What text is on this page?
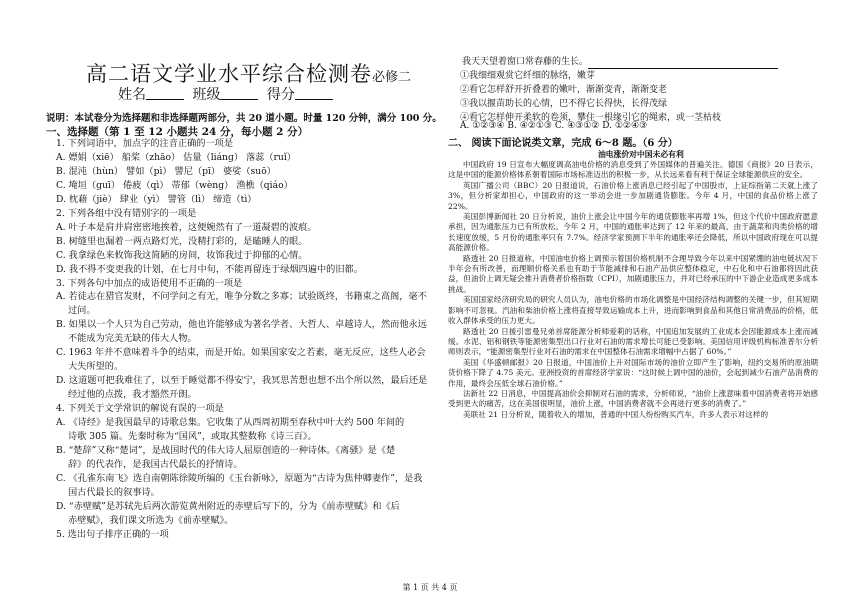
高二语文学业水平综合检测卷必修二
姓名	班级	得分
说明：本试卷分为选择题和非选择题两部分，共 20 道小题。时量 120 分钟，满分 100 分。
一、选择题（第 1 至 12 小题共 24 分，每小题 2 分）
1. 下列词语中，加点字的注音正确的一项是
A. 嫖娟（xiē） 船桨（zhāo） 估量（liáng） 落蕊（ruǐ）
B. 混沌（hùn） 譬如（pì） 譬尼（pī） 婆娑（suō）
C. 埯垣（guī） 倦疲（qì） 蒂郁（wèng） 渔樵（qiáo）
D. 枕藉（jiè） 肆业（yì） 譬管（lì） 缔造（tì）
2. 下列各组中没有错别字的一项是
A. 叶子本是肩并肩密密地挨着，这便婉然有了一道凝碧的波痕。
B. 树缝里也漏着一两点路灯光，没精打彩的，是瞌睡人的眼。
C. 我拿绿色来攸饰我这简陋的房间，妆饰我过于抑郁的心情。
D. 我不得不变更我的计划，在七月中旬，不能再留连于绿烟四遍中的旧都。
3. 下列各句中加点的成语使用不正确的一项是
A. 若徒志在猎官发财，不问学问之有无，唯争分数之多寡；试验既终，书籍束之高阁，毫不
过问。
B. 如果以一个人只为自己劳动，他也许能够成为著名学者、大哲人、卓越诗人，然而他永远
不能成为完美无缺的伟大人物。
C. 1963 年并不意味着斗争的结束，而是开始。如果国家安之若素，毫无反应，这些人必会
大失所望的。
D. 这道题可把我难住了，以至于睡觉都不得安宁，我冥思苦想也想不出个所以然，最后还是
经过他的点拨，我才豁然开朗。
4. 下列关于文学常识的解说有误的一项是
A. 《诗经》是我国最早的诗歌总集。它收集了从西周初期至春秋中叶大约 500 年间的
诗歌 305 篇。先秦时称为“国风”，或取其整数称《诗三百》。
B. “楚辞”又称“楚词”，是战国时代的伟大诗人屈原创造的一种诗体。《离骚》是《楚
辞》的代表作，是我国古代最长的抒情诗。
C. 《孔雀东南飞》选自南朝陈徐陵所编的《玉台新咏》，原题为“古诗为焦仲卿妻作”，是我
国古代最长的叙事诗。
D. “赤壁赋”是苏轼先后两次游览黄州附近的赤壁后写下的，分为《前赤壁赋》和《后
赤壁赋》，我们课文所选为《前赤壁赋》。
5. 选出句子排序正确的一项
我天天望着窗口常春藤的生长。
①我细细观赏它纤细的脉络，嫩芽
②看它怎样舒开折叠着的嫩叶，渐渐变青，渐渐变老
③我以揠苗助长的心情，巴不得它长得快，长得茂绿
④看它怎样伸开柔软的卷须，攀住一根缘引它的绳索，或一茎枯枝
A. ①②③④ B. ④②①③ C. ④③①② D. ①②④③
二、 阅读下面论说类文章，完成 6～8 题。（6 分）
油电涨价对中国未必有利

中国政府 19 日宣布大幅度调高油电价格的消息受到了外国媒体的普遍关注。德国《商报》20 日表示，这是中国的能源价格体系朝着国际市场标准迈出的积极一步，从长远来看有利于保证全球能源供应的安全。

英国广播公司（BBC）20 日报道说，石油价格上涨消息已经引起了中国股市，上证综指第二天就上涨了 3%，但分析家却担心，中国政府的这一举动会进一步加剧通货膨胀。今年 4 月，中国的食品价格上涨了 22%。

美国彭博新闻社 20 日分析说，油价上涨会让中国今年的通货膨胀率再增 1%，但这个代价中国政府愿意承担，因为通胀压力已有所放松。今年 2 月，中国的通胀率达到了 12 年来的最高，由于蔬菜和肉类价格的增长速度放缓，5 月份的通胀率只有 7.7%。经济学家预测下半年的通胀率还会降低，所以中国政府现在可以提高能源价格。

路透社 20 日报道称，中国油电价格上调预示着国价格机制不合理导致今年以来中国紧绷的油电链状况下半年会有所改善，而理顺价格关系也有助于节能减排和石油产品供应整体稳定，中石化和中石油都将因此获益，但油价上调无疑会推升消费者价格指数（CPI），加剧通胀压力，并对已经承压的中下游企业造成更多成本挑战。

美国国家经济研究局的研究人员认为，油电价格的市场化调整是中国经济结构调整的关键一步，但其短期影响不可忽视。汽油和柴油价格上涨将直接导致运输成本上升，进而影响到食品和其他日常消费品的价格，低收入群体承受的压力更大。

路透社 20 日援引雷曼兄弟首席能源分析师爱莉的话称，中国追加发展的工业成本会因能源成本上涨而减缓。水泥、铝和钢铁等能源密集型出口行业对石油的需求增长可能已受影响。美国信用评级机构标准普尔分析师则表示，“能源密集型行业对石油的需求在中国整体石油需求增幅中占据了 60%。”

美国《华盛顿邮报》20 日报道，中国油价上升对国际市场的油价立即产生了影响，纽约交易所的原油期货价格下降了 4.75 美元。亚洲投资的首席经济学家说：“这时候上调中国的油价，会起到减少石油产品消费的作用，最终会压低全球石油价格。”

法新社 22 日消息，中国提高油价会抑制对石油的需求，分析师说，“油价上涨意味着中国消费者将开始感受到更大的痛苦，这在美国很明显，油价上涨，中国消费者就不会再进行更多的消费了。”

美联社 21 日分析说，随着收入的增加，普通的中国人纷纷购买汽车，许多人表示对这样的

第 1 页 共 4 页
